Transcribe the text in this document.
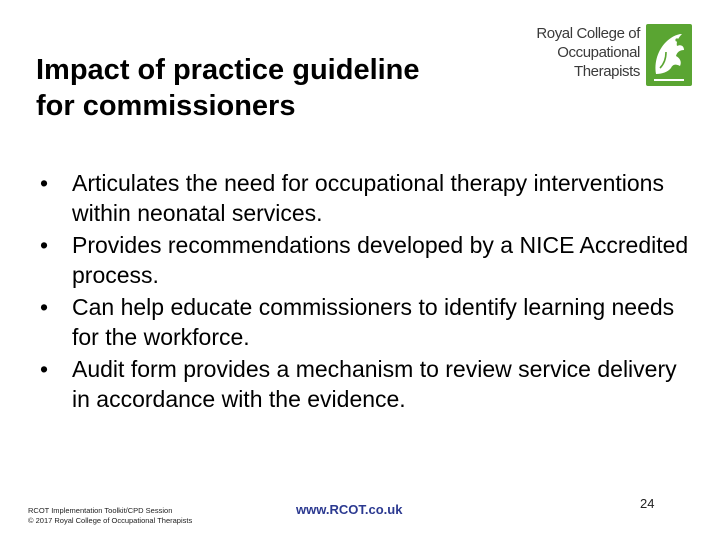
Impact of practice guideline
for commissioners
Royal College of
Occupational
Therapists
• Articulates the need for occupational therapy interventions within neonatal services.
• Provides recommendations developed by a NICE Accredited process.
• Can help educate commissioners to identify learning needs for the workforce.
• Audit form provides a mechanism to review service delivery in accordance with the evidence.
RCOT Implementation Toolkit/CPD Session
© 2017 Royal College of Occupational Therapists
www.RCOT.co.uk	24
